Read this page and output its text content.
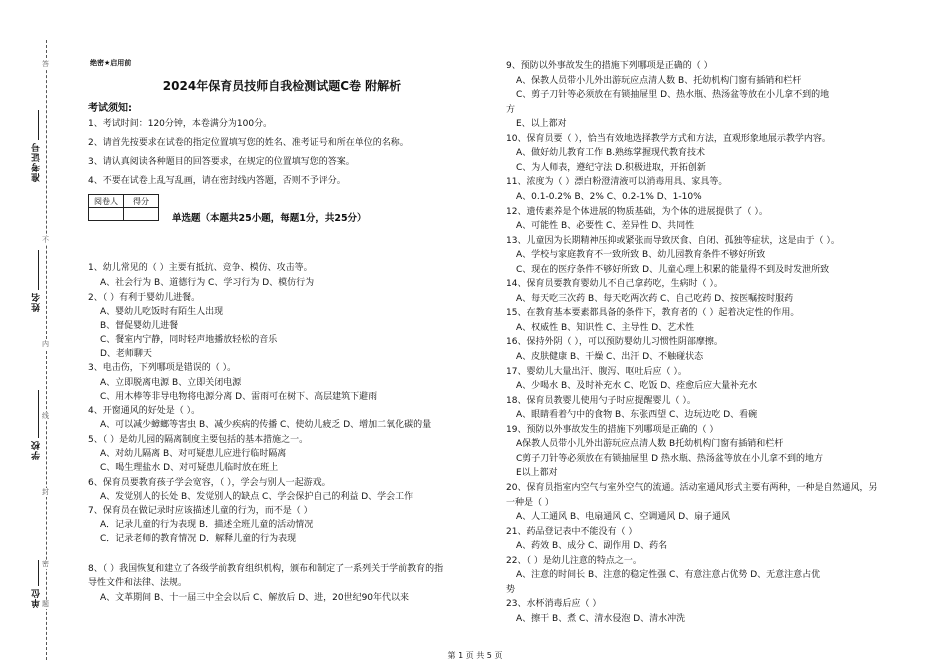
准考证号
姓名
学校
单位
答
不
内
线
封
密
题
绝密★启用前
2024年保育员技师自我检测试题C卷 附解析
考试须知:
1、考试时间：120分钟，本卷满分为100分。
2、请首先按要求在试卷的指定位置填写您的姓名、准考证号和所在单位的名称。
3、请认真阅读各种题目的回答要求，在规定的位置填写您的答案。
4、不要在试卷上乱写乱画，请在密封线内答题，否则不予评分。
阅卷人	得分

单选题（本题共25小题，每题1分，共25分）
1、幼儿常见的（ ）主要有抵抗、竞争、模仿、攻击等。
A、社会行为 B、道德行为 C、学习行为 D、模仿行为
2、（ ）有利于婴幼儿进餐。
A、婴幼儿吃饭时有陌生人出现
B、督促婴幼儿进餐
C、餐室内宁静，同时轻声地播放轻松的音乐
D、老师聊天
3、电击伤，下列哪项是错误的（ ）。
A、立即脱离电源 B、立即关闭电源
C、用木棒等非导电物将电源分离 D、雷雨可在树下、高层建筑下避雨
4、开窗通风的好处是（ ）。
A、可以减少蟑螂等害虫 B、减少疾病的传播 C、使幼儿疲乏 D、增加二氧化碳的量
5、（ ）是幼儿园的隔离制度主要包括的基本措施之一。
A、对幼儿隔离 B、对可疑患儿应进行临时隔离
C、喝生理盐水 D、对可疑患儿临时放在班上
6、保育员要教育孩子学会宽容，（ ），学会与别人一起游戏。
A、发觉别人的长处 B、发觉别人的缺点 C、学会保护自己的利益 D、学会工作
7、保育员在做记录时应该描述儿童的行为，而不是（ ）
A．记录儿童的行为表现 B．描述全班儿童的活动情况
C．记录老师的教育情况 D．解释儿童的行为表现
8、（ ）我国恢复和建立了各级学前教育组织机构，颁布和制定了一系列关于学前教育的指
导性文件和法律、法规。
A、文革期间 B、十一届三中全会以后 C、解放后 D、进，20世纪90年代以来
9、预防以外事故发生的措施下列哪项是正确的（ ）
A、保教人员带小儿外出游玩应点清人数 B、托幼机构门窗有插销和栏杆
C、剪子刀针等必须放在有锁抽屉里 D、热水瓶、热汤盆等放在小儿拿不到的地
方
E、以上都对
10、保育员要（ ），恰当有效地选择教学方式和方法，直观形象地展示教学内容。
A、做好幼儿教育工作 B.熟练掌握现代教育技术
C、为人师表，遵纪守法 D.积极进取，开拓创新
11、浓度为（ ）漂白粉澄清液可以消毒用具、家具等。
A、0.1-0.2% B、2% C、0.2-1% D、1-10%
12、遗传素养是个体进展的物质基础，为个体的进展提供了（ ）。
A、可能性 B、必要性 C、差异性 D、共同性
13、儿童因为长期精神压抑或紧张而导致厌食、自闭、孤独等症状，这是由于（ ）。
A、学校与家庭教育不一致所致 B、幼儿园教育条件不够好所致
C、现在的医疗条件不够好所致 D、儿童心理上积累的能量得不到及时发泄所致
14、保育员要教育婴幼儿不自己拿药吃，生病时（ ）。
A、每天吃三次药 B、每天吃两次药 C、自己吃药 D、按医嘱按时服药
15、在教育基本要素都具备的条件下，教育者的（ ）起着决定性的作用。
A、权威性 B、知识性 C、主导性 D、艺术性
16、保持外阴（ ），可以预防婴幼儿习惯性阴部摩擦。
A、皮肤健康 B、干燥 C、出汗 D、不触碰状态
17、婴幼儿大量出汗、腹泻、呕吐后应（ ）。
A、少喝水 B、及时补充水 C、吃饭 D、痊愈后应大量补充水
18、保育员教婴儿使用勺子时应提醒婴儿（ ）。
A、眼睛看着勺中的食物 B、东张西望 C、边玩边吃 D、看碗
19、预防以外事故发生的措施下列哪项是正确的（ ）
A保教人员带小儿外出游玩应点清人数 B托幼机构门窗有插销和栏杆
C剪子刀针等必须放在有锁抽屉里 D 热水瓶、热汤盆等放在小儿拿不到的地方
E以上都对
20、保育员指室内空气与室外空气的流通。活动室通风形式主要有两种，一种是自然通风，另
一种是（ ）
A、人工通风 B、电扇通风 C、空调通风 D、扇子通风
21、药品登记表中不能没有（ ）
A、药效 B、成分 C、副作用 D、药名
22、（ ）是幼儿注意的特点之一。
A、注意的时间长 B、注意的稳定性强 C、有意注意占优势 D、无意注意占优
势
23、水杯消毒后应（ ）
A、擦干 B、煮 C、清水侵泡 D、清水冲洗
第 1 页 共 5 页
